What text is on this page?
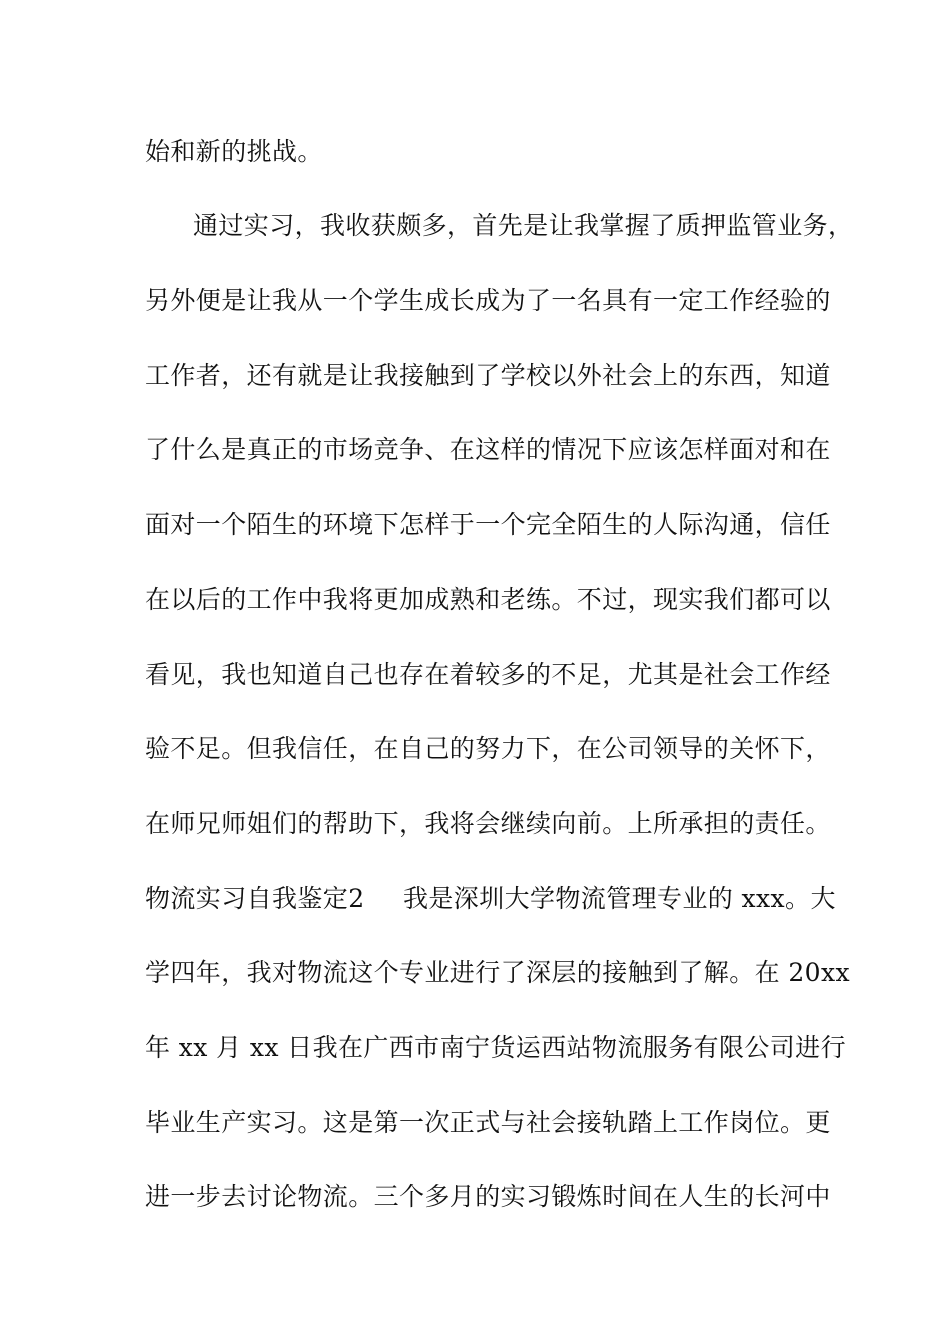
始和新的挑战。
通过实习，我收获颇多，首先是让我掌握了质押监管业务，
另外便是让我从一个学生成长成为了一名具有一定工作经验的
工作者，还有就是让我接触到了学校以外社会上的东西，知道
了什么是真正的市场竞争、在这样的情况下应该怎样面对和在
面对一个陌生的环境下怎样于一个完全陌生的人际沟通，信任
在以后的工作中我将更加成熟和老练。不过，现实我们都可以
看见，我也知道自己也存在着较多的不足，尤其是社会工作经
验不足。但我信任，在自己的努力下，在公司领导的关怀下，
在师兄师姐们的帮助下，我将会继续向前。上所承担的责任。
物流实习自我鉴定2 我是深圳大学物流管理专业的 xxx。大
学四年，我对物流这个专业进行了深层的接触到了解。在 20xx
年 xx 月 xx 日我在广西市南宁货运西站物流服务有限公司进行
毕业生产实习。这是第一次正式与社会接轨踏上工作岗位。更
进一步去讨论物流。三个多月的实习锻炼时间在人生的长河中
